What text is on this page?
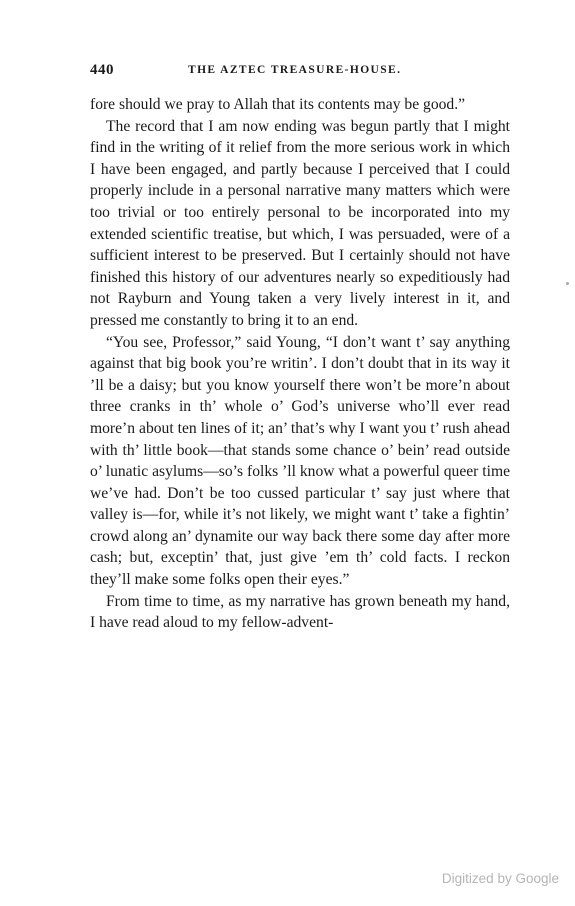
440	THE AZTEC TREASURE-HOUSE.

fore should we pray to Allah that its contents may be good.”

The record that I am now ending was begun partly that I might find in the writing of it relief from the more serious work in which I have been engaged, and partly because I perceived that I could properly include in a personal narrative many matters which were too trivial or too entirely personal to be incorporated into my extended scientific treatise, but which, I was persuaded, were of a sufficient interest to be preserved. But I certainly should not have finished this history of our adventures nearly so expeditiously had not Rayburn and Young taken a very lively interest in it, and pressed me constantly to bring it to an end.

“You see, Professor,” said Young, “I don’t want t’ say anything against that big book you’re writin’. I don’t doubt that in its way it ’ll be a daisy; but you know yourself there won’t be more’n about three cranks in th’ whole o’ God’s universe who’ll ever read more’n about ten lines of it; an’ that’s why I want you t’ rush ahead with th’ little book—that stands some chance o’ bein’ read outside o’ lunatic asylums—so’s folks ’ll know what a powerful queer time we’ve had. Don’t be too cussed particular t’ say just where that valley is—for, while it’s not likely, we might want t’ take a fightin’ crowd along an’ dynamite our way back there some day after more cash; but, exceptin’ that, just give ’em th’ cold facts. I reckon they’ll make some folks open their eyes.”

From time to time, as my narrative has grown beneath my hand, I have read aloud to my fellow-advent-

Digitized by Google
